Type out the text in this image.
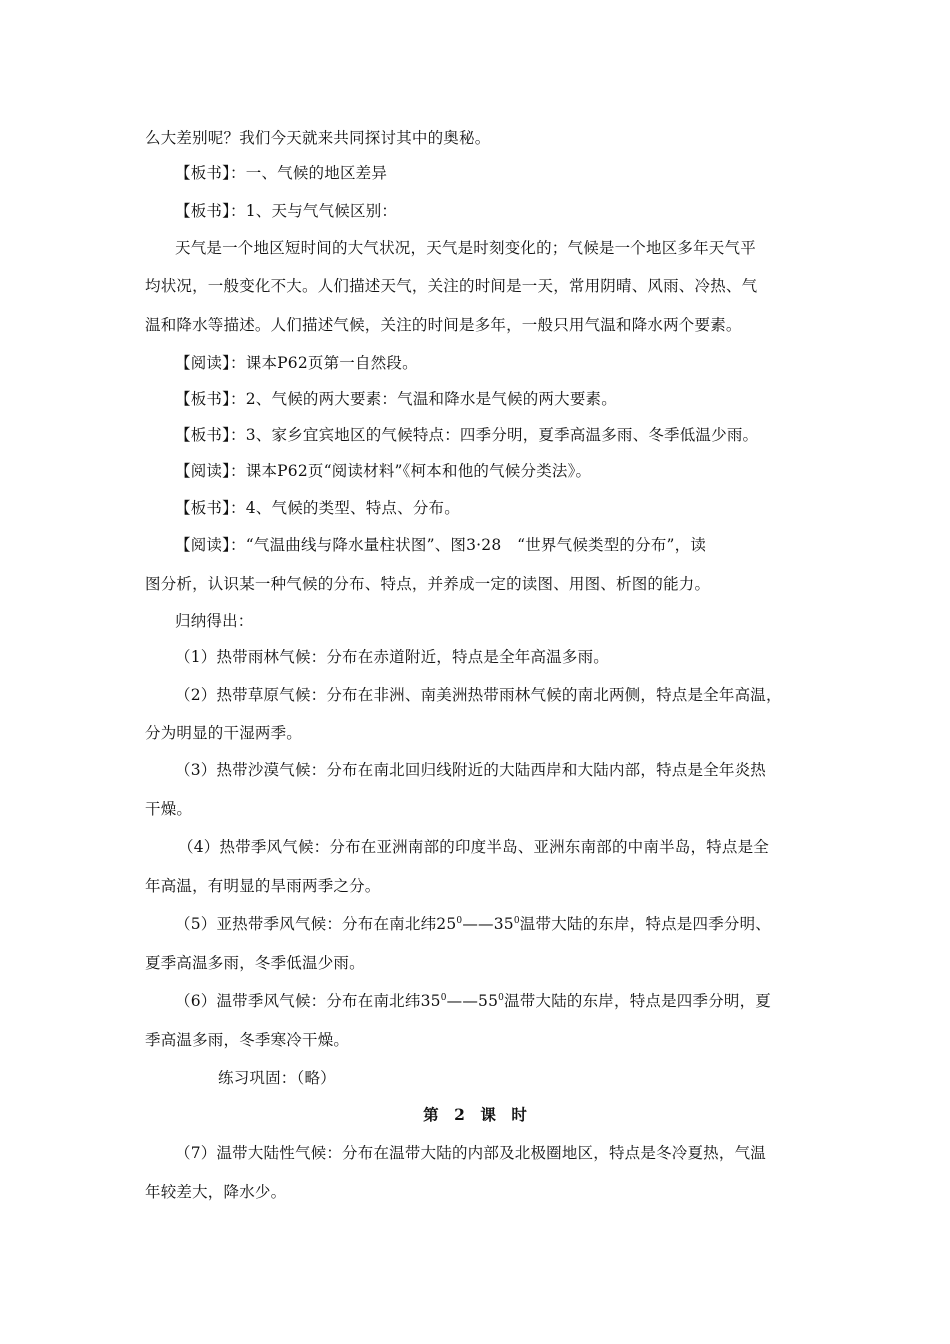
么大差别呢？我们今天就来共同探讨其中的奥秘。
【板书】：一、气候的地区差异
【板书】：1、天与气气候区别：
天气是一个地区短时间的大气状况，天气是时刻变化的；气候是一个地区多年天气平
均状况，一般变化不大。人们描述天气，关注的时间是一天，常用阴晴、风雨、冷热、气
温和降水等描述。人们描述气候，关注的时间是多年，一般只用气温和降水两个要素。
【阅读】：课本P62页第一自然段。
【板书】：2、气候的两大要素：气温和降水是气候的两大要素。
【板书】：3、家乡宜宾地区的气候特点：四季分明，夏季高温多雨、冬季低温少雨。
【阅读】：课本P62页“阅读材料”《柯本和他的气候分类法》。
【板书】：4、气候的类型、特点、分布。
【阅读】：“气温曲线与降水量柱状图”、图3·28　“世界气候类型的分布”，读
图分析，认识某一种气候的分布、特点，并养成一定的读图、用图、析图的能力。
归纳得出：
（1）热带雨林气候：分布在赤道附近，特点是全年高温多雨。
（2）热带草原气候：分布在非洲、南美洲热带雨林气候的南北两侧，特点是全年高温，
分为明显的干湿两季。
（3）热带沙漠气候：分布在南北回归线附近的大陆西岸和大陆内部，特点是全年炎热
干燥。
（4）热带季风气候：分布在亚洲南部的印度半岛、亚洲东南部的中南半岛，特点是全
年高温，有明显的旱雨两季之分。
（5）亚热带季风气候：分布在南北纬$25^0——35^0$温带大陆的东岸，特点是四季分明、
夏季高温多雨，冬季低温少雨。
（6）温带季风气候：分布在南北纬$35^0——55^0$温带大陆的东岸，特点是四季分明，夏
季高温多雨，冬季寒冷干燥。
练习巩固：（略）
第　2　课　时
（7）温带大陆性气候：分布在温带大陆的内部及北极圈地区，特点是冬冷夏热，气温
年较差大，降水少。
